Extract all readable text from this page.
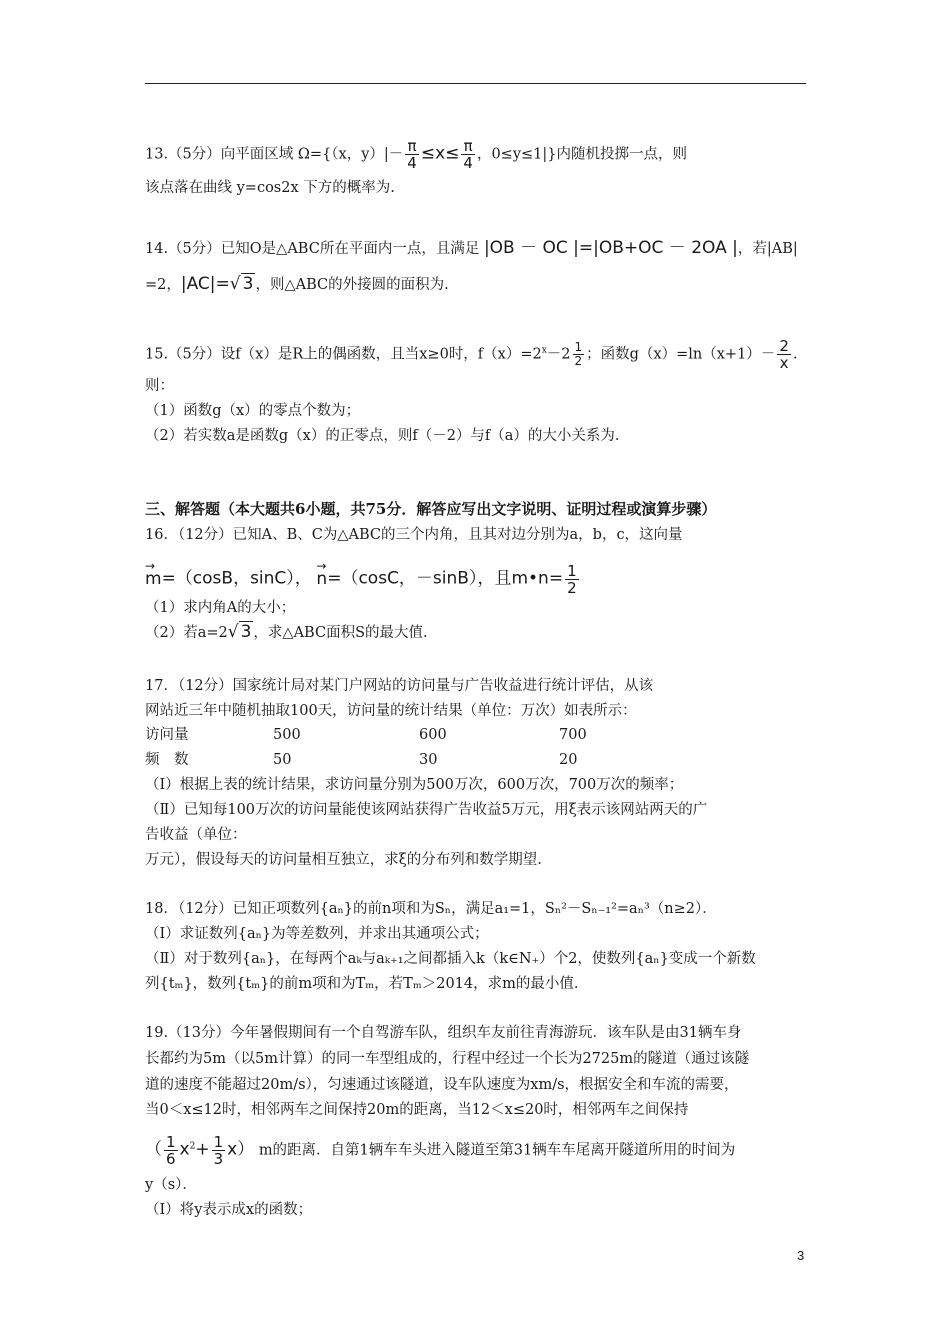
13.（5分）向平面区域 Ω={（x，$y)|- \frac{\pi}{4} \le x\le \frac{\pi}{4}$ ，0≤y≤1|}内随机投掷一点，则
该点落在曲线 y=cos2x 下方的概率为.
14.（5分）已知O是△ABC所在平面内一点，且满足 |OB － OC |=|OB+OC － 2OA |，若|AB|
=2，|AC|=√ 3 ，则△ABC的外接圆的面积为.
15.（5分）设f（x）是R上的偶函数，且当x≥0时，$f(x)=2^x-2 \frac{1}{2}$ ；函数$g(x)=\ln(x+1)- \frac{2}{x}$ .
则：
（1）函数g（x）的零点个数为；
（2）若实数a是函数g（x）的正零点，则f（－2）与f（a）的大小关系为.
三、解答题（本大题共6小题，共75分．解答应写出文字说明、证明过程或演算步骤）
16．（12分）已知A、B、C为△ABC的三个内角，且其对边分别为a，b，c，这向量
→ m=（cosB，sinC）， → n=（cosC，－sinB），且m•n= $\frac{1}{2}$
（1）求内角A的大小；
（2）若a=2√ 3 ，求△ABC面积S的最大值.
17．（12分）国家统计局对某门户网站的访问量与广告收益进行统计评估，从该
网站近三年中随机抽取100天，访问量的统计结果（单位：万次）如表所示：
访问量	500	600	700
频　数	50	30	20
（Ⅰ）根据上表的统计结果，求访问量分别为500万次，600万次，700万次的频率；
（Ⅱ）已知每100万次的访问量能使该网站获得广告收益5万元，用ξ表示该网站两天的广
告收益（单位：
万元），假设每天的访问量相互独立，求ξ的分布列和数学期望.
18．（12分）已知正项数列{aₙ}的前n项和为Sₙ，满足a₁=1，Sₙ²－Sₙ₋₁²=aₙ³（n≥2）．
（Ⅰ）求证数列{aₙ}为等差数列，并求出其通项公式；
（Ⅱ）对于数列{aₙ}，在每两个aₖ与aₖ₊₁之间都插入k（k∈N₊）个2，使数列{aₙ}变成一个新数
列{tₘ}，数列{tₘ}的前m项和为Tₘ，若Tₘ＞2014，求m的最小值.
19.（13分）今年暑假期间有一个自驾游车队，组织车友前往青海游玩．该车队是由31辆车身
长都约为5m（以5m计算）的同一车型组成的，行程中经过一个长为2725m的隧道（通过该隧
道的速度不能超过20m/s），匀速通过该隧道，设车队速度为xm/s，根据安全和车流的需要，
当0＜x≤12时，相邻两车之间保持20m的距离，当12＜x≤20时，相邻两车之间保持
（ $\frac{1}{6} x^2+ \frac{1}{3} x$） m的距离．自第1辆车车头进入隧道至第31辆车车尾离开隧道所用的时间为
y（s）．
（Ⅰ）将y表示成x的函数；
3
